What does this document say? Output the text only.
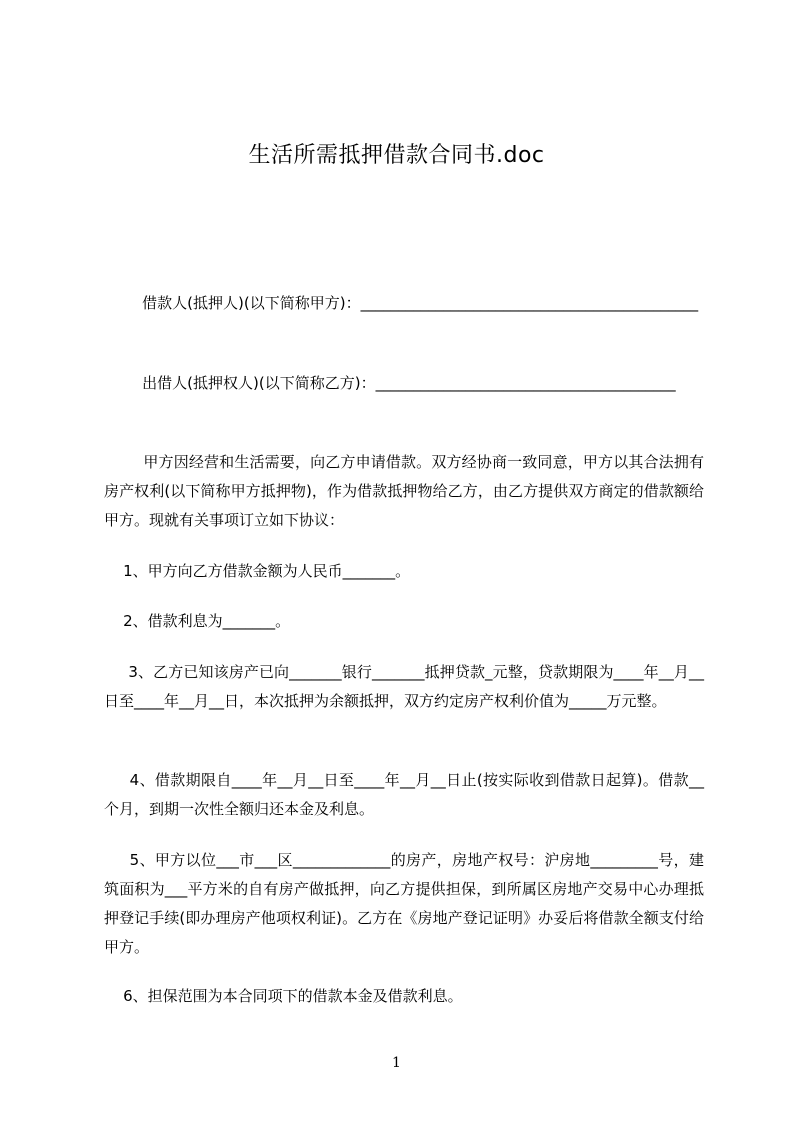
生活所需抵押借款合同书.doc
借款人(抵押人)(以下简称甲方)：_____________________________________________
出借人(抵押权人)(以下简称乙方)：________________________________________
甲方因经营和生活需要，向乙方申请借款。双方经协商一致同意，甲方以其合法拥有房产权利(以下简称甲方抵押物)，作为借款抵押物给乙方，由乙方提供双方商定的借款额给甲方。现就有关事项订立如下协议：
1、甲方向乙方借款金额为人民币_______。
2、借款利息为_______。
3、乙方已知该房产已向_______银行_______抵押贷款_元整，贷款期限为____年__月__日至____年__月__日，本次抵押为余额抵押，双方约定房产权利价值为_____万元整。
4、借款期限自____年__月__日至____年__月__日止(按实际收到借款日起算)。借款__个月，到期一次性全额归还本金及利息。
5、甲方以位___市___区_____________的房产，房地产权号：沪房地_________号，建筑面积为___平方米的自有房产做抵押，向乙方提供担保，到所属区房地产交易中心办理抵押登记手续(即办理房产他项权利证)。乙方在《房地产登记证明》办妥后将借款全额支付给甲方。
6、担保范围为本合同项下的借款本金及借款利息。
1
